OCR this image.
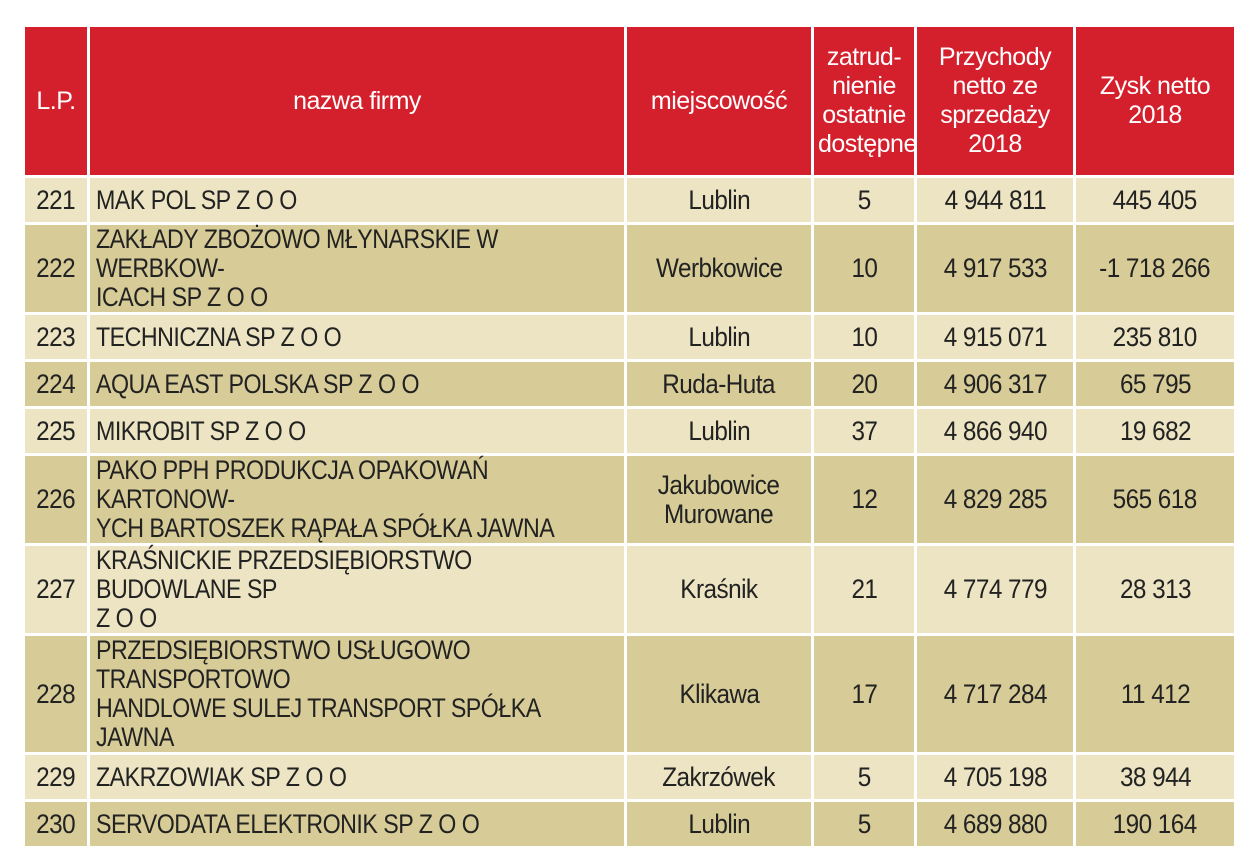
L.P.	nazwa firmy	miejscowość	zatrud-
nienie
ostatnie
dostępne	Przychody
netto ze
sprzedaży
2018	Zysk netto
2018
221	MAK POL SP Z O O	Lublin	5	4 944 811	445 405
222	ZAKŁADY ZBOŻOWO MŁYNARSKIE W WERBKOW-
ICACH SP Z O O	Werbkowice	10	4 917 533	-1 718 266
223	TECHNICZNA SP Z O O	Lublin	10	4 915 071	235 810
224	AQUA EAST POLSKA SP Z O O	Ruda-Huta	20	4 906 317	65 795
225	MIKROBIT SP Z O O	Lublin	37	4 866 940	19 682
226	PAKO PPH PRODUKCJA OPAKOWAŃ KARTONOW-
YCH BARTOSZEK RĄPAŁA SPÓŁKA JAWNA	Jakubowice
Murowane	12	4 829 285	565 618
227	KRAŚNICKIE PRZEDSIĘBIORSTWO BUDOWLANE SP
Z O O	Kraśnik	21	4 774 779	28 313
228	PRZEDSIĘBIORSTWO USŁUGOWO TRANSPORTOWO
HANDLOWE SULEJ TRANSPORT SPÓŁKA JAWNA	Klikawa	17	4 717 284	11 412
229	ZAKRZOWIAK SP Z O O	Zakrzówek	5	4 705 198	38 944
230	SERVODATA ELEKTRONIK SP Z O O	Lublin	5	4 689 880	190 164
